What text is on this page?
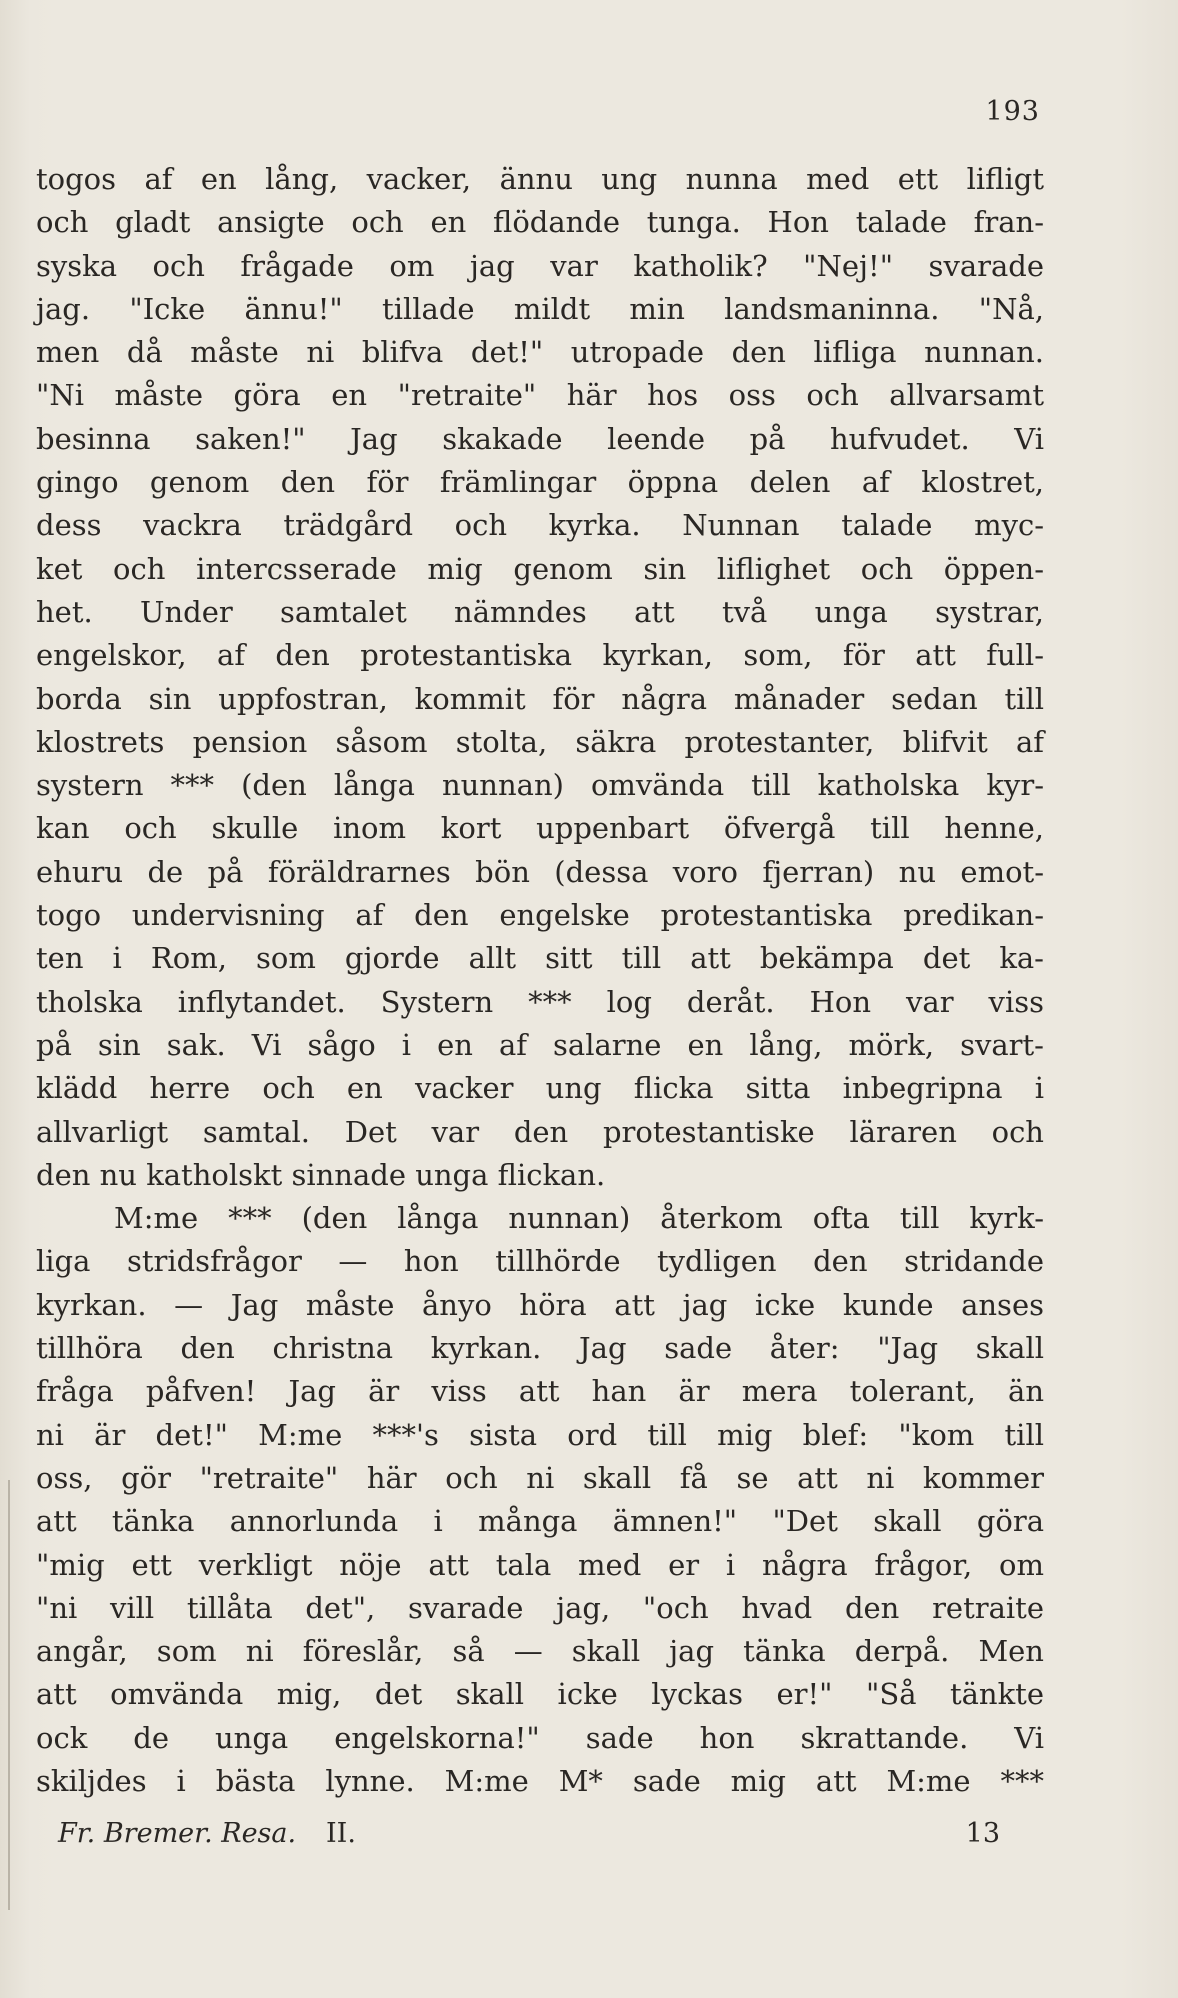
193
togos af en lång, vacker, ännu ung nunna med ett lifligt
och gladt ansigte och en flödande tunga. Hon talade fran-
syska och frågade om jag var katholik? "Nej!" svarade
jag. "Icke ännu!" tillade mildt min landsmaninna. "Nå,
men då måste ni blifva det!" utropade den lifliga nunnan.
"Ni måste göra en "retraite" här hos oss och allvarsamt
besinna saken!" Jag skakade leende på hufvudet. Vi
gingo genom den för främlingar öppna delen af klostret,
dess vackra trädgård och kyrka. Nunnan talade myc-
ket och intercsserade mig genom sin liflighet och öppen-
het. Under samtalet nämndes att två unga systrar,
engelskor, af den protestantiska kyrkan, som, för att full-
borda sin uppfostran, kommit för några månader sedan till
klostrets pension såsom stolta, säkra protestanter, blifvit af
systern *** (den långa nunnan) omvända till katholska kyr-
kan och skulle inom kort uppenbart öfvergå till henne,
ehuru de på föräldrarnes bön (dessa voro fjerran) nu emot-
togo undervisning af den engelske protestantiska predikan-
ten i Rom, som gjorde allt sitt till att bekämpa det ka-
tholska inflytandet. Systern *** log deråt. Hon var viss
på sin sak. Vi sågo i en af salarne en lång, mörk, svart-
klädd herre och en vacker ung flicka sitta inbegripna i
allvarligt samtal. Det var den protestantiske läraren och
den nu katholskt sinnade unga flickan.
M:me *** (den långa nunnan) återkom ofta till kyrk-
liga stridsfrågor — hon tillhörde tydligen den stridande
kyrkan. — Jag måste ånyo höra att jag icke kunde anses
tillhöra den christna kyrkan. Jag sade åter: "Jag skall
fråga påfven! Jag är viss att han är mera tolerant, än
ni är det!" M:me ***'s sista ord till mig blef: "kom till
oss, gör "retraite" här och ni skall få se att ni kommer
att tänka annorlunda i många ämnen!" "Det skall göra
"mig ett verkligt nöje att tala med er i några frågor, om
"ni vill tillåta det", svarade jag, "och hvad den retraite
angår, som ni föreslår, så — skall jag tänka derpå. Men
att omvända mig, det skall icke lyckas er!" "Så tänkte
ock de unga engelskorna!" sade hon skrattande. Vi
skiljdes i bästa lynne. M:me M* sade mig att M:me ***
Fr. Bremer. Resa. II.	13
